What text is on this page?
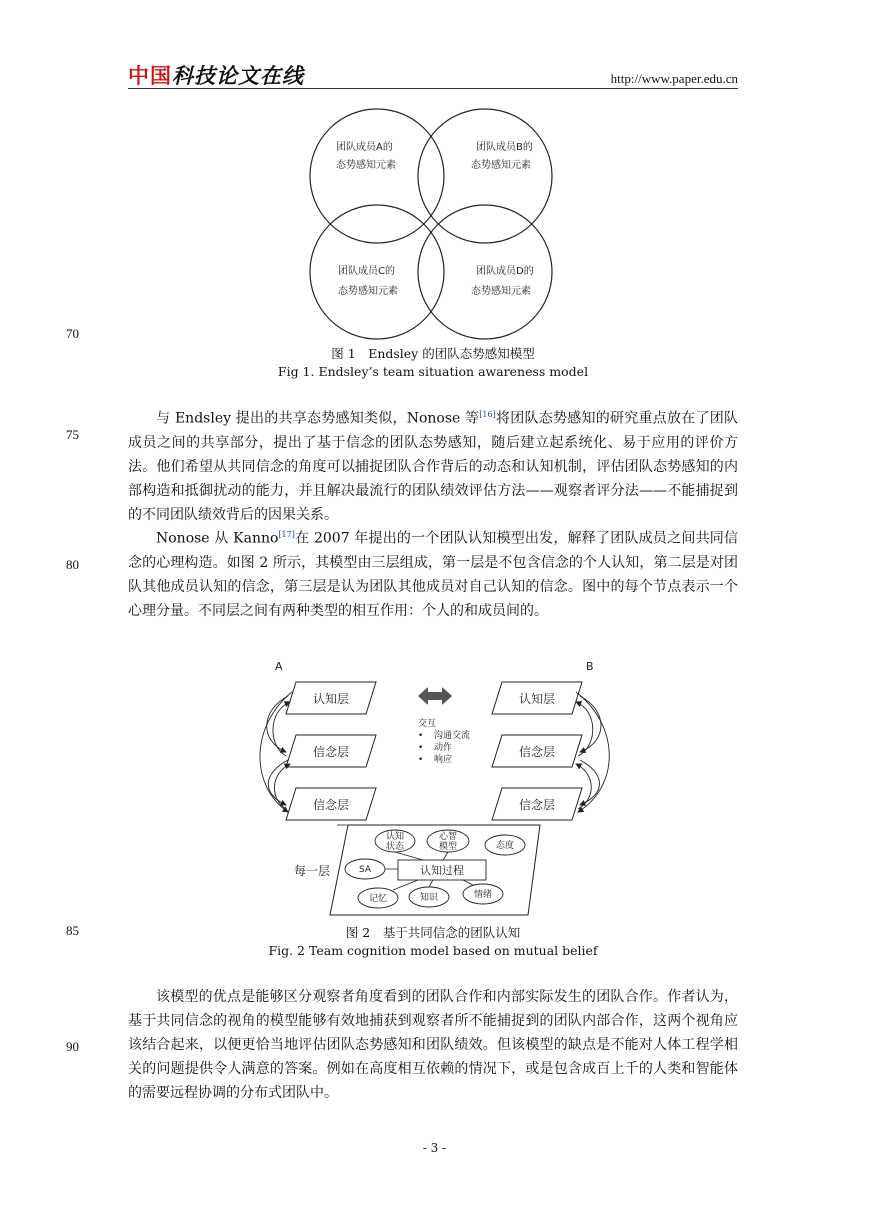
中国科技论文在线	http://www.paper.edu.cn
团队成员A的
态势感知元素
团队成员B的
态势感知元素
团队成员C的
态势感知元素
团队成员D的
态势感知元素
70
图 1　Endsley 的团队态势感知模型
Fig 1. Endsley’s team situation awareness model

与 Endsley 提出的共享态势感知类似，Nonose 等[16]将团队态势感知的研究重点放在了团队成员之间的共享部分，提出了基于信念的团队态势感知，随后建立起系统化、易于应用的评价方法。他们希望从共同信念的角度可以捕捉团队合作背后的动态和认知机制，评估团队态势感知的内部构造和抵御扰动的能力，并且解决最流行的团队绩效评估方法——观察者评分法——不能捕捉到的不同团队绩效背后的因果关系。

Nonose 从 Kanno[17]在 2007 年提出的一个团队认知模型出发，解释了团队成员之间共同信念的心理构造。如图 2 所示，其模型由三层组成，第一层是不包含信念的个人认知，第二层是对团队其他成员认知的信念，第三层是认为团队其他成员对自己认知的信念。图中的每个节点表示一个心理分量。不同层之间有两种类型的相互作用：个人的和成员间的。

75
80
A	B
认知层
信念层
信念层
认知层
信念层
信念层
交互
• 沟通交流
• 动作
• 响应
每一层
认知
状态
心智
模型	态度
SA	认知过程
记忆	知识	情绪
85	图 2　基于共同信念的团队认知
Fig. 2 Team cognition model based on mutual belief

该模型的优点是能够区分观察者角度看到的团队合作和内部实际发生的团队合作。作者认为，基于共同信念的视角的模型能够有效地捕获到观察者所不能捕捉到的团队内部合作，这两个视角应该结合起来，以便更恰当地评估团队态势感知和团队绩效。但该模型的缺点是不能对人体工程学相关的问题提供令人满意的答案。例如在高度相互依赖的情况下，或是包含成百上千的人类和智能体的需要远程协调的分布式团队中。

90
- 3 -
